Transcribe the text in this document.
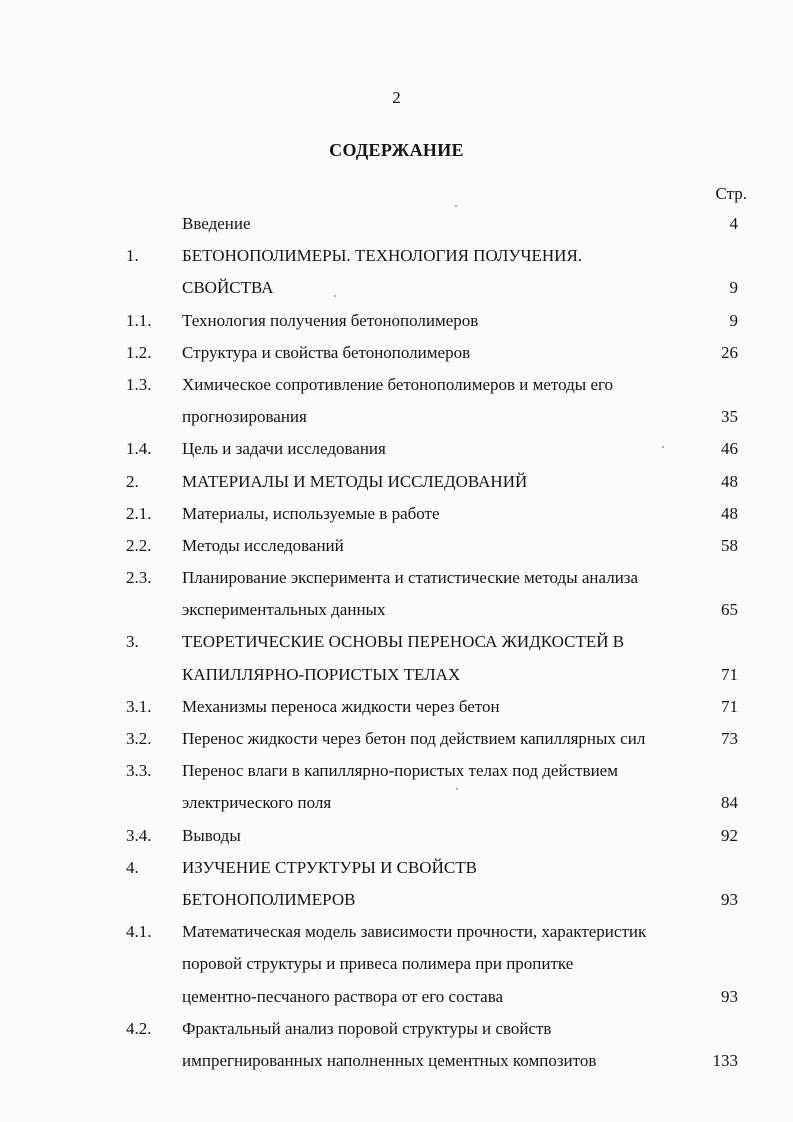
2
СОДЕРЖАНИЕ
Стр.
Введение	4
1.	БЕТОНОПОЛИМЕРЫ. ТЕХНОЛОГИЯ ПОЛУЧЕНИЯ.
СВОЙСТВА	9
1.1. Технология получения бетонополимеров	9
1.2. Структура и свойства бетонополимеров	26
1.3. Химическое сопротивление бетонополимеров и методы его
прогнозирования	35
1.4. Цель и задачи исследования	46
2.	МАТЕРИАЛЫ И МЕТОДЫ ИССЛЕДОВАНИЙ	48
2.1. Материалы, используемые в работе	48
2.2. Методы исследований	58
2.3. Планирование эксперимента и статистические методы анализа
экспериментальных данных	65
3.	ТЕОРЕТИЧЕСКИЕ ОСНОВЫ ПЕРЕНОСА ЖИДКОСТЕЙ В
КАПИЛЛЯРНО-ПОРИСТЫХ ТЕЛАХ	71
3.1. Механизмы переноса жидкости через бетон	71
3.2. Перенос жидкости через бетон под действием капиллярных сил	73
3.3. Перенос влаги в капиллярно-пористых телах под действием
электрического поля	84
3.4. Выводы	92
4.	ИЗУЧЕНИЕ СТРУКТУРЫ И СВОЙСТВ
БЕТОНОПОЛИМЕРОВ	93
4.1. Математическая модель зависимости прочности, характеристик
поровой структуры и привеса полимера при пропитке
цементно-песчаного раствора от его состава	93
4.2. Фрактальный анализ поровой структуры и свойств
импрегнированных наполненных цементных композитов	133
